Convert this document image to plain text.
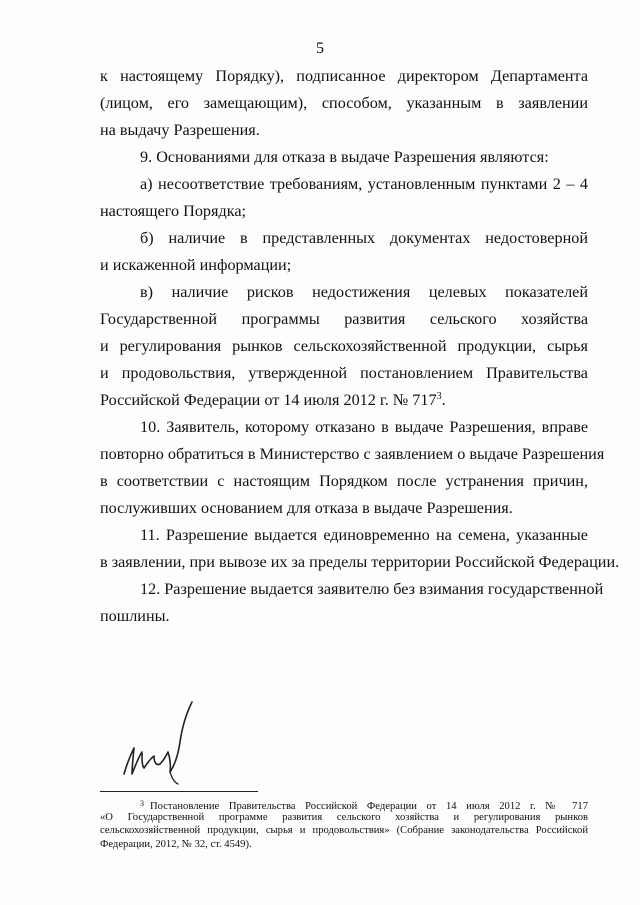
5
к настоящему Порядку), подписанное директором Департамента
(лицом, его замещающим), способом, указанным в заявлении
на выдачу Разрешения.
9. Основаниями для отказа в выдаче Разрешения являются:
а) несоответствие требованиям, установленным пунктами 2 – 4
настоящего Порядка;
б) наличие в представленных документах недостоверной
и искаженной информации;
в) наличие рисков недостижения целевых показателей
Государственной программы развития сельского хозяйства
и регулирования рынков сельскохозяйственной продукции, сырья
и продовольствия, утвержденной постановлением Правительства
Российской Федерации от 14 июля 2012 г. № $717^3$.
10. Заявитель, которому отказано в выдаче Разрешения, вправе
повторно обратиться в Министерство с заявлением о выдаче Разрешения
в соответствии с настоящим Порядком после устранения причин,
послуживших основанием для отказа в выдаче Разрешения.
11. Разрешение выдается единовременно на семена, указанные
в заявлении, при вывозе их за пределы территории Российской Федерации.
12. Разрешение выдается заявителю без взимания государственной
пошлины.
$^3$ Постановление Правительства Российской Федерации от 14 июля 2012 г. № 717
«О Государственной программе развития сельского хозяйства и регулирования рынков
сельскохозяйственной продукции, сырья и продовольствия» (Собрание законодательства Российской
Федерации, 2012, № 32, ст. 4549).
